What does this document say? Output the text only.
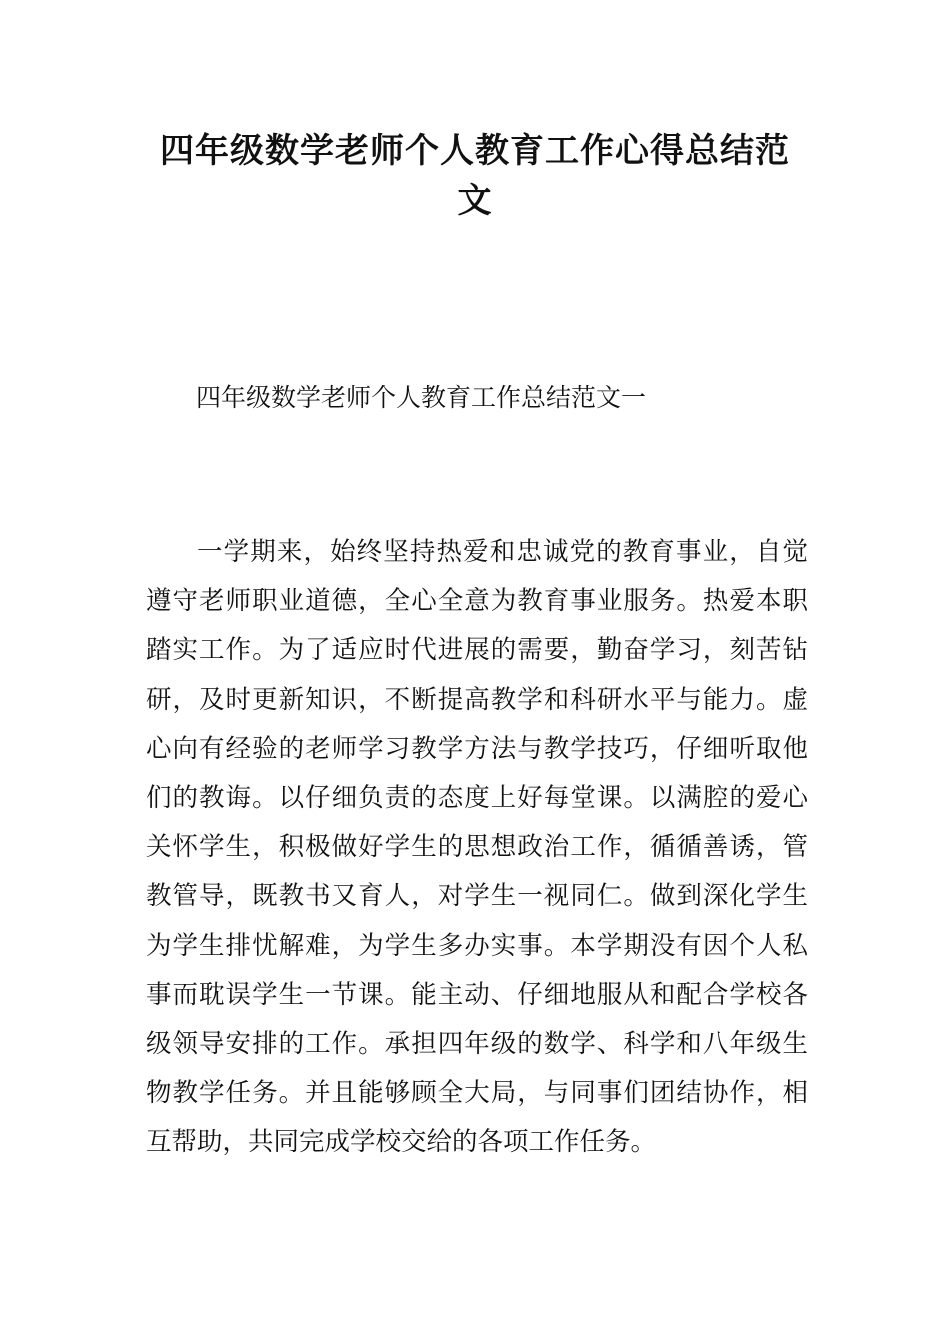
四年级数学老师个人教育工作心得总结范
文

四年级数学老师个人教育工作总结范文一

一学期来，始终坚持热爱和忠诚党的教育事业，自觉
遵守老师职业道德，全心全意为教育事业服务。热爱本职
踏实工作。为了适应时代进展的需要，勤奋学习，刻苦钻
研，及时更新知识，不断提高教学和科研水平与能力。虚
心向有经验的老师学习教学方法与教学技巧，仔细听取他
们的教诲。以仔细负责的态度上好每堂课。以满腔的爱心
关怀学生，积极做好学生的思想政治工作，循循善诱，管
教管导，既教书又育人，对学生一视同仁。做到深化学生
为学生排忧解难，为学生多办实事。本学期没有因个人私
事而耽误学生一节课。能主动、仔细地服从和配合学校各
级领导安排的工作。承担四年级的数学、科学和八年级生
物教学任务。并且能够顾全大局，与同事们团结协作，相
互帮助，共同完成学校交给的各项工作任务。
